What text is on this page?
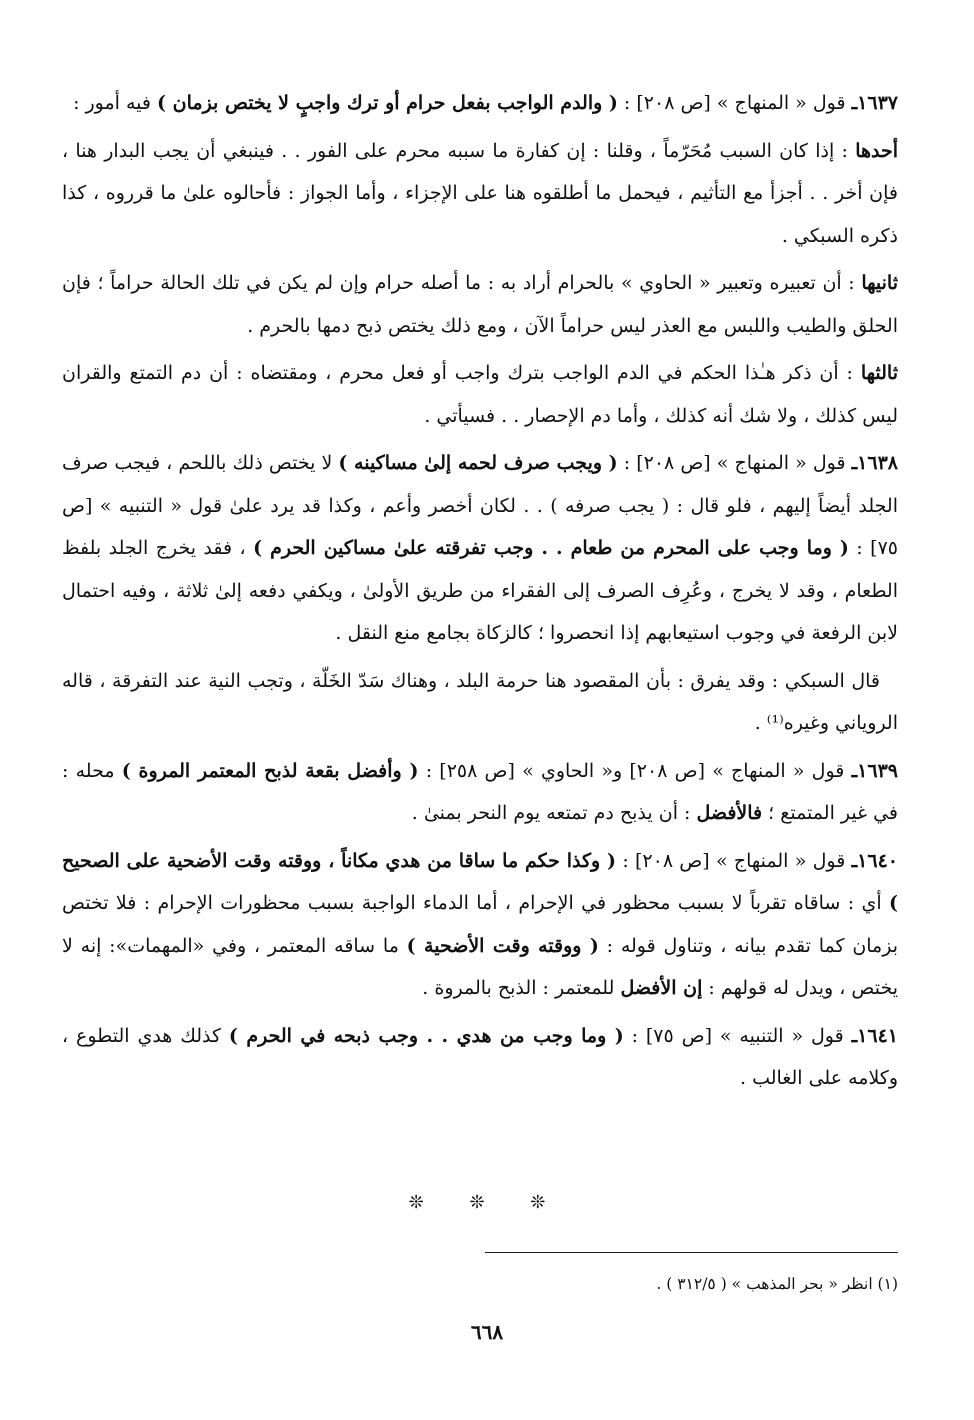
١٦٣٧ـ قول « المنهاج » [ص ٢٠٨] : ( والدم الواجب بفعل حرام أو ترك واجبٍ لا يختص بزمان ) فيه أمور :

أحدها : إذا كان السبب مُحَرّماً ، وقلنا : إن كفارة ما سببه محرم على الفور . . فينبغي أن يجب البدار هنا ، فإن أخر . . أجزأ مع التأثيم ، فيحمل ما أطلقوه هنا على الإجزاء ، وأما الجواز : فأحالوه علىٰ ما قرروه ، كذا ذكره السبكي .

ثانيها : أن تعبيره وتعبير « الحاوي » بالحرام أراد به : ما أصله حرام وإن لم يكن في تلك الحالة حراماً ؛ فإن الحلق والطيب واللبس مع العذر ليس حراماً الآن ، ومع ذلك يختص ذبح دمها بالحرم .

ثالثها : أن ذكر هـٰذا الحكم في الدم الواجب بترك واجب أو فعل محرم ، ومقتضاه : أن دم التمتع والقران ليس كذلك ، ولا شك أنه كذلك ، وأما دم الإحصار . . فسيأتي .

١٦٣٨ـ قول « المنهاج » [ص ٢٠٨] : ( ويجب صرف لحمه إلىٰ مساكينه ) لا يختص ذلك باللحم ، فيجب صرف الجلد أيضاً إليهم ، فلو قال : ( يجب صرفه ) . . لكان أخصر وأعم ، وكذا قد يرد علىٰ قول « التنبيه » [ص ٧٥] : ( وما وجب على المحرم من طعام . . وجب تفرقته علىٰ مساكين الحرم ) ، فقد يخرج الجلد بلفظ الطعام ، وقد لا يخرج ، وعُرِف الصرف إلى الفقراء من طريق الأولىٰ ، ويكفي دفعه إلىٰ ثلاثة ، وفيه احتمال لابن الرفعة في وجوب استيعابهم إذا انحصروا ؛ كالزكاة بجامع منع النقل .

قال السبكي : وقد يفرق : بأن المقصود هنا حرمة البلد ، وهناك سَدّ الخَلّة ، وتجب النية عند التفرقة ، قاله الروياني وغيره⁽¹⁾ .

١٦٣٩ـ قول « المنهاج » [ص ٢٠٨] و« الحاوي » [ص ٢٥٨] : ( وأفضل بقعة لذبح المعتمر المروة ) محله : في غير المتمتع ؛ فالأفضل : أن يذبح دم تمتعه يوم النحر بمنىٰ .

١٦٤٠ـ قول « المنهاج » [ص ٢٠٨] : ( وكذا حكم ما ساقا من هدي مكاناً ، ووقته وقت الأضحية على الصحيح ) أي : ساقاه تقرباً لا بسبب محظور في الإحرام ، أما الدماء الواجبة بسبب محظورات الإحرام : فلا تختص بزمان كما تقدم بيانه ، وتناول قوله : ( ووقته وقت الأضحية ) ما ساقه المعتمر ، وفي «المهمات»: إنه لا يختص ، ويدل له قولهم : إن الأفضل للمعتمر : الذبح بالمروة .

١٦٤١ـ قول « التنبيه » [ص ٧٥] : ( وما وجب من هدي . . وجب ذبحه في الحرم ) كذلك هدي التطوع ، وكلامه على الغالب .

❊ ❊ ❊
(١) انظر « بحر المذهب » ( ٣١٢/٥ ) .
٦٦٨
